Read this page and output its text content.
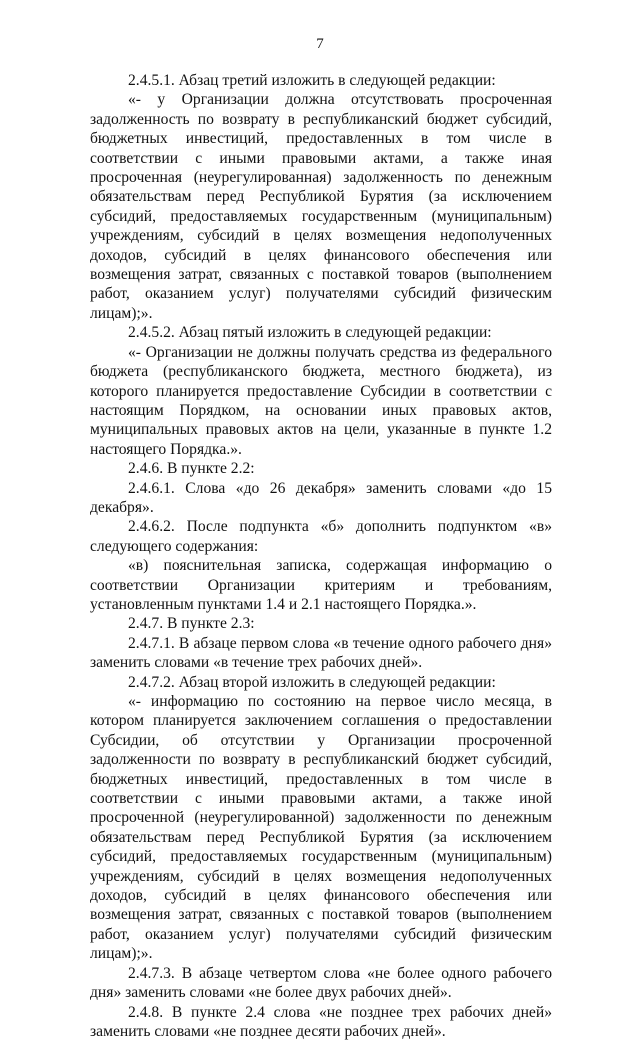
7

2.4.5.1. Абзац третий изложить в следующей редакции:

«- у Организации должна отсутствовать просроченная задолженность по возврату в республиканский бюджет субсидий, бюджетных инвестиций, предоставленных в том числе в соответствии с иными правовыми актами, а также иная просроченная (неурегулированная) задолженность по денежным обязательствам перед Республикой Бурятия (за исключением субсидий, предоставляемых государственным (муниципальным) учреждениям, субсидий в целях возмещения недополученных доходов, субсидий в целях финансового обеспечения или возмещения затрат, связанных с поставкой товаров (выполнением работ, оказанием услуг) получателями субсидий физическим лицам);».

2.4.5.2. Абзац пятый изложить в следующей редакции:

«- Организации не должны получать средства из федерального бюджета (республиканского бюджета, местного бюджета), из которого планируется предоставление Субсидии в соответствии с настоящим Порядком, на основании иных правовых актов, муниципальных правовых актов на цели, указанные в пункте 1.2 настоящего Порядка.».

2.4.6. В пункте 2.2:

2.4.6.1. Слова «до 26 декабря» заменить словами «до 15 декабря».

2.4.6.2. После подпункта «б» дополнить подпунктом «в» следующего содержания:

«в) пояснительная записка, содержащая информацию о соответствии Организации критериям и требованиям, установленным пунктами 1.4 и 2.1 настоящего Порядка.».

2.4.7. В пункте 2.3:

2.4.7.1. В абзаце первом слова «в течение одного рабочего дня» заменить словами «в течение трех рабочих дней».

2.4.7.2. Абзац второй изложить в следующей редакции:

«- информацию по состоянию на первое число месяца, в котором планируется заключением соглашения о предоставлении Субсидии, об отсутствии у Организации просроченной задолженности по возврату в республиканский бюджет субсидий, бюджетных инвестиций, предоставленных в том числе в соответствии с иными правовыми актами, а также иной просроченной (неурегулированной) задолженности по денежным обязательствам перед Республикой Бурятия (за исключением субсидий, предоставляемых государственным (муниципальным) учреждениям, субсидий в целях возмещения недополученных доходов, субсидий в целях финансового обеспечения или возмещения затрат, связанных с поставкой товаров (выполнением работ, оказанием услуг) получателями субсидий физическим лицам);».

2.4.7.3. В абзаце четвертом слова «не более одного рабочего дня» заменить словами «не более двух рабочих дней».

2.4.8. В пункте 2.4 слова «не позднее трех рабочих дней» заменить словами «не позднее десяти рабочих дней».
